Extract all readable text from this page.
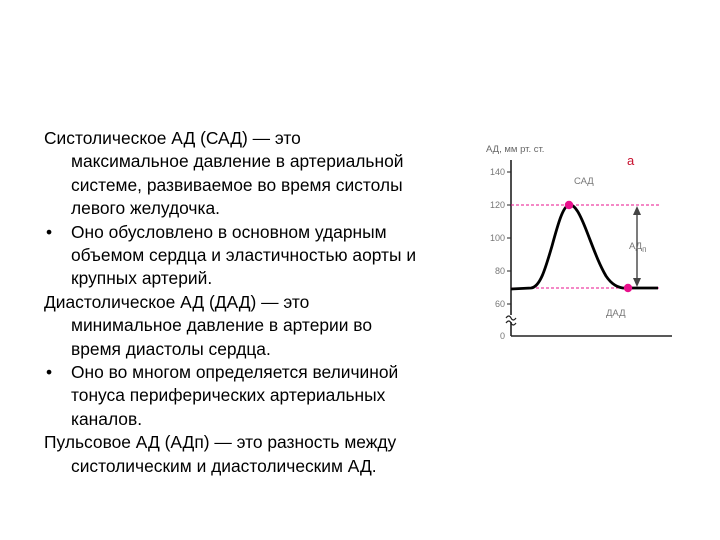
Систолическое АД (САД) — это
максимальное давление в артериальной
системе, развиваемое во время систолы
левого желудочка.
• Оно обусловлено в основном ударным
объемом сердца и эластичностью аорты и
крупных артерий.
Диастолическое АД (ДАД) — это
минимальное давление в артерии во
время диастолы сердца.
• Оно во многом определяется величиной
тонуса периферических артериальных
каналов.
Пульсовое АД (АДп) — это разность между
систолическим и диастолическим АД.
АД, мм рт. ст.
а
140
120
100
80
60
0
САД
$АД_п$
ДАД
